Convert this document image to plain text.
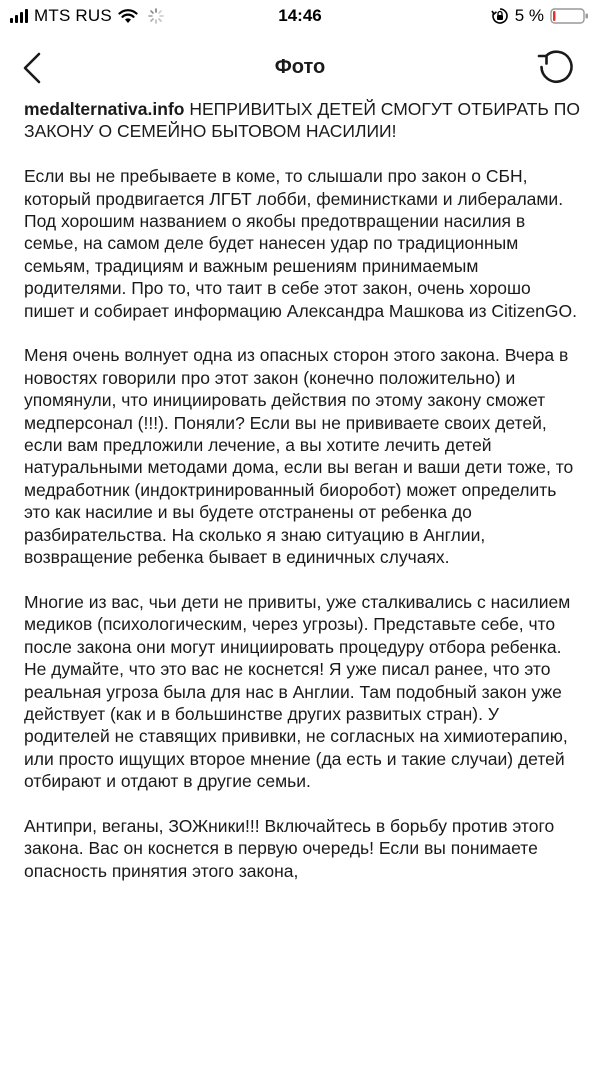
MTS RUS	14:46	5 %
Фото

medalternativa.info НЕПРИВИТЫХ ДЕТЕЙ СМОГУТ ОТБИРАТЬ ПО ЗАКОНУ О СЕМЕЙНО БЫТОВОМ НАСИЛИИ!

Если вы не пребываете в коме, то слышали про закон о СБН, который продвигается ЛГБТ лобби, феминистками и либералами. Под хорошим названием о якобы предотвращении насилия в семье, на самом деле будет нанесен удар по традиционным семьям, традициям и важным решениям принимаемым родителями. Про то, что таит в себе этот закон, очень хорошо пишет и собирает информацию Александра Машкова из CitizenGO.

Меня очень волнует одна из опасных сторон этого закона. Вчера в новостях говорили про этот закон (конечно положительно) и упомянули, что инициировать действия по этому закону сможет медперсонал (!!!). Поняли? Если вы не прививаете своих детей, если вам предложили лечение, а вы хотите лечить детей натуральными методами дома, если вы веган и ваши дети тоже, то медработник (индоктринированный биоробот) может определить это как насилие и вы будете отстранены от ребенка до разбирательства. На сколько я знаю ситуацию в Англии, возвращение ребенка бывает в единичных случаях.

Многие из вас, чьи дети не привиты, уже сталкивались с насилием медиков (психологическим, через угрозы). Представьте себе, что после закона они могут инициировать процедуру отбора ребенка. Не думайте, что это вас не коснется! Я уже писал ранее, что это реальная угроза была для нас в Англии. Там подобный закон уже действует (как и в большинстве других развитых стран). У родителей не ставящих прививки, не согласных на химиотерапию, или просто ищущих второе мнение (да есть и такие случаи) детей отбирают и отдают в другие семьи.

Антипри, веганы, ЗОЖники!!! Включайтесь в борьбу против этого закона. Вас он коснется в первую очередь! Если вы понимаете опасность принятия этого закона,
